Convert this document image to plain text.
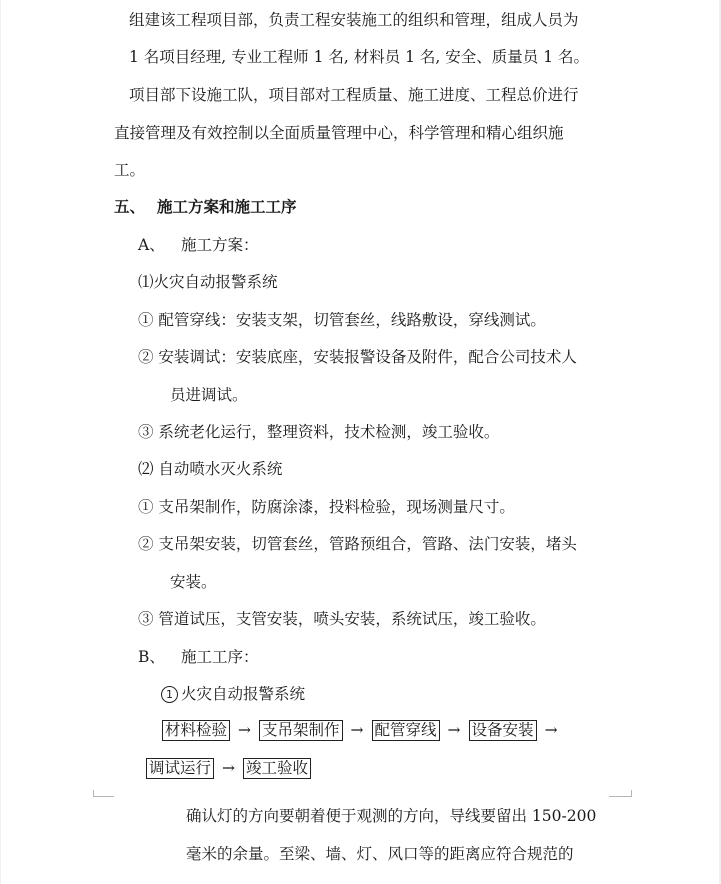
组建该工程项目部，负责工程安装施工的组织和管理，组成人员为
1 名项目经理, 专业工程师 1 名, 材料员 1 名, 安全、质量员 1 名。
项目部下设施工队，项目部对工程质量、施工进度、工程总价进行
直接管理及有效控制以全面质量管理中心，科学管理和精心组织施
工。
五、 施工方案和施工工序
A、 施工方案：
⑴火灾自动报警系统
① 配管穿线：安装支架，切管套丝，线路敷设，穿线测试。
② 安装调试：安装底座，安装报警设备及附件，配合公司技术人
员进调试。
③ 系统老化运行，整理资料，技术检测，竣工验收。
⑵ 自动喷水灭火系统
① 支吊架制作，防腐涂漆，投料检验，现场测量尺寸。
② 支吊架安装，切管套丝，管路预组合，管路、法门安装，堵头
安装。
③ 管道试压，支管安装，喷头安装，系统试压，竣工验收。
B、 施工工序：
1 火灾自动报警系统
材料检验 → 支吊架制作 → 配管穿线 → 设备安装 →
调试运行 → 竣工验收
确认灯的方向要朝着便于观测的方向，导线要留出 150-200
毫米的余量。至梁、墙、灯、风口等的距离应符合规范的
